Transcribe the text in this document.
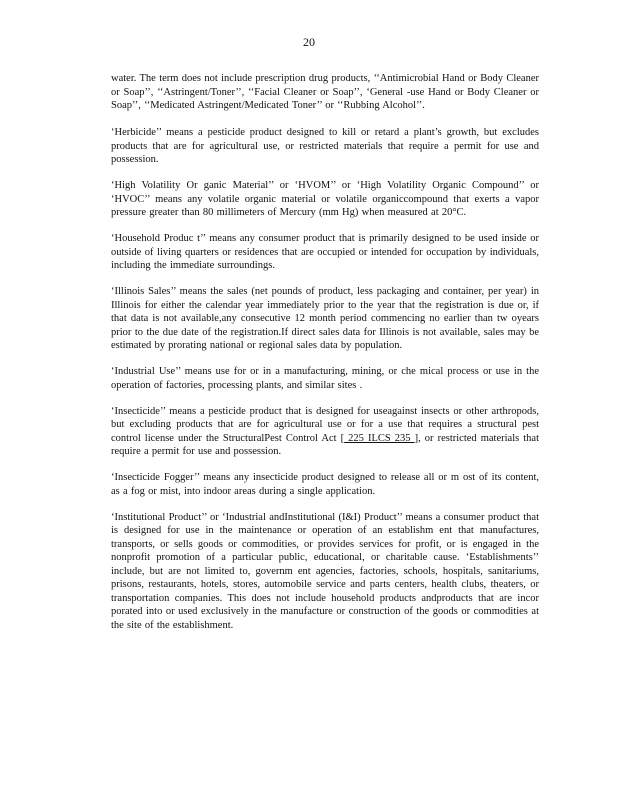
20

water. The term does not include prescription drug products, ‘‘Antimicrobial Hand or Body Cleaner or Soap’’, ‘‘Astringent/Toner’’, ‘‘Facial Cleaner or Soap’’, ‘General -use Hand or Body Cleaner or Soap’’, ‘‘Medicated Astringent/Medicated Toner’’ or ‘‘Rubbing Alcohol’’.

‘Herbicide’’ means a pesticide product designed to kill or retard a plant’s growth, but excludes products that are for agricultural use, or restricted materials that require a permit for use and possession.

‘High Volatility Or ganic Material’’ or ‘HVOM’’ or ‘High Volatility Organic Compound’’ or ‘HVOC’’ means any volatile organic material or volatile organiccompound that exerts a vapor pressure greater than 80 millimeters of Mercury (mm Hg) when measured at 20°C.

‘Household Produc t’’ means any consumer product that is primarily designed to be used inside or outside of living quarters or residences that are occupied or intended for occupation by individuals, including the immediate surroundings.

‘Illinois Sales’’ means the sales (net pounds of product, less packaging and container, per year) in Illinois for either the calendar year immediately prior to the year that the registration is due or, if that data is not available,any consecutive 12 month period commencing no earlier than tw oyears prior to the due date of the registration.If direct sales data for Illinois is not available, sales may be estimated by prorating national or regional sales data by population.

‘Industrial Use’’ means use for or in a manufacturing, mining, or che mical process or use in the operation of factories, processing plants, and similar sites .

‘Insecticide’’ means a pesticide product that is designed for useagainst insects or other arthropods, but excluding products that are for agricultural use or for a use that requires a structural pest control license under the StructuralPest Control Act [ 225 ILCS 235 ], or restricted materials that require a permit for use and possession.

‘Insecticide Fogger’’ means any insecticide product designed to release all or m ost of its content, as a fog or mist, into indoor areas during a single application.

‘Institutional Product’’ or ‘Industrial andInstitutional (I&I) Product’’ means a consumer product that is designed for use in the maintenance or operation of an establishm ent that manufactures, transports, or sells goods or commodities, or provides services for profit, or is engaged in the nonprofit promotion of a particular public, educational, or charitable cause. ‘Establishments’’ include, but are not limited to, governm ent agencies, factories, schools, hospitals, sanitariums, prisons, restaurants, hotels, stores, automobile service and parts centers, health clubs, theaters, or transportation companies. This does not include household products andproducts that are incor porated into or used exclusively in the manufacture or construction of the goods or commodities at the site of the establishment.
